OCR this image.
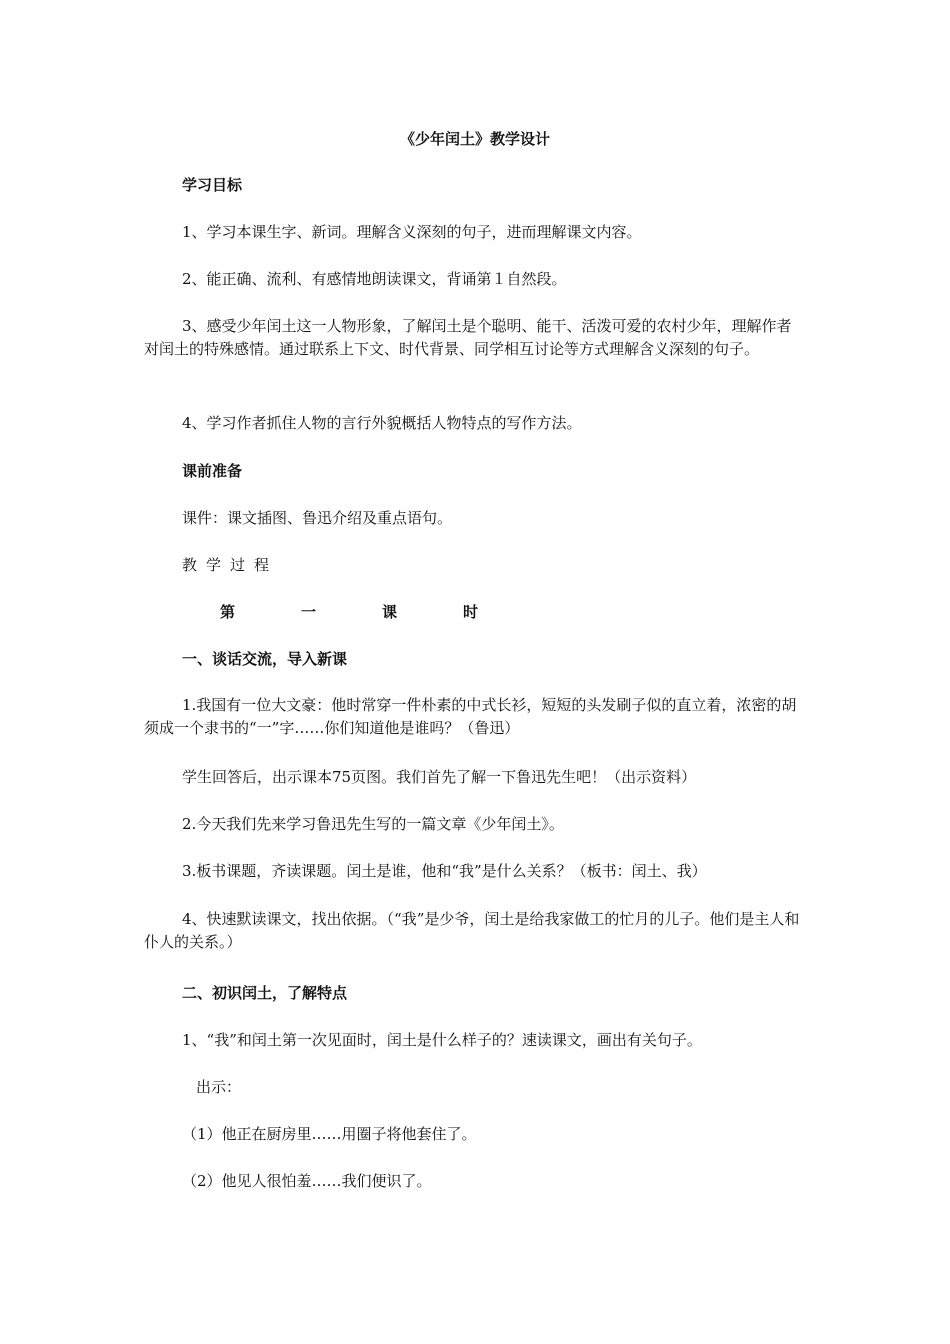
《少年闰土》教学设计
学习目标
1、学习本课生字、新词。理解含义深刻的句子，进而理解课文内容。
2、能正确、流利、有感情地朗读课文，背诵第１自然段。
3、感受少年闰土这一人物形象，了解闰土是个聪明、能干、活泼可爱的农村少年，理解作者对闰土的特殊感情。通过联系上下文、时代背景、同学相互讨论等方式理解含义深刻的句子。
4、学习作者抓住人物的言行外貌概括人物特点的写作方法。
课前准备
课件：课文插图、鲁迅介绍及重点语句。
教学过程
第	一	课	时
一、谈话交流，导入新课
1.我国有一位大文豪：他时常穿一件朴素的中式长衫，短短的头发刷子似的直立着，浓密的胡须成一个隶书的“一”字……你们知道他是谁吗？（鲁迅）
学生回答后，出示课本75页图。我们首先了解一下鲁迅先生吧！（出示资料）
2.今天我们先来学习鲁迅先生写的一篇文章《少年闰土》。
3.板书课题，齐读课题。闰土是谁，他和“我”是什么关系？（板书：闰土、我）
4、快速默读课文，找出依据。（“我”是少爷，闰土是给我家做工的忙月的儿子。他们是主人和仆人的关系。）
二、初识闰土，了解特点
1、“我”和闰土第一次见面时，闰土是什么样子的？速读课文，画出有关句子。
出示：
（1）他正在厨房里……用圈子将他套住了。
（2）他见人很怕羞……我们便识了。
